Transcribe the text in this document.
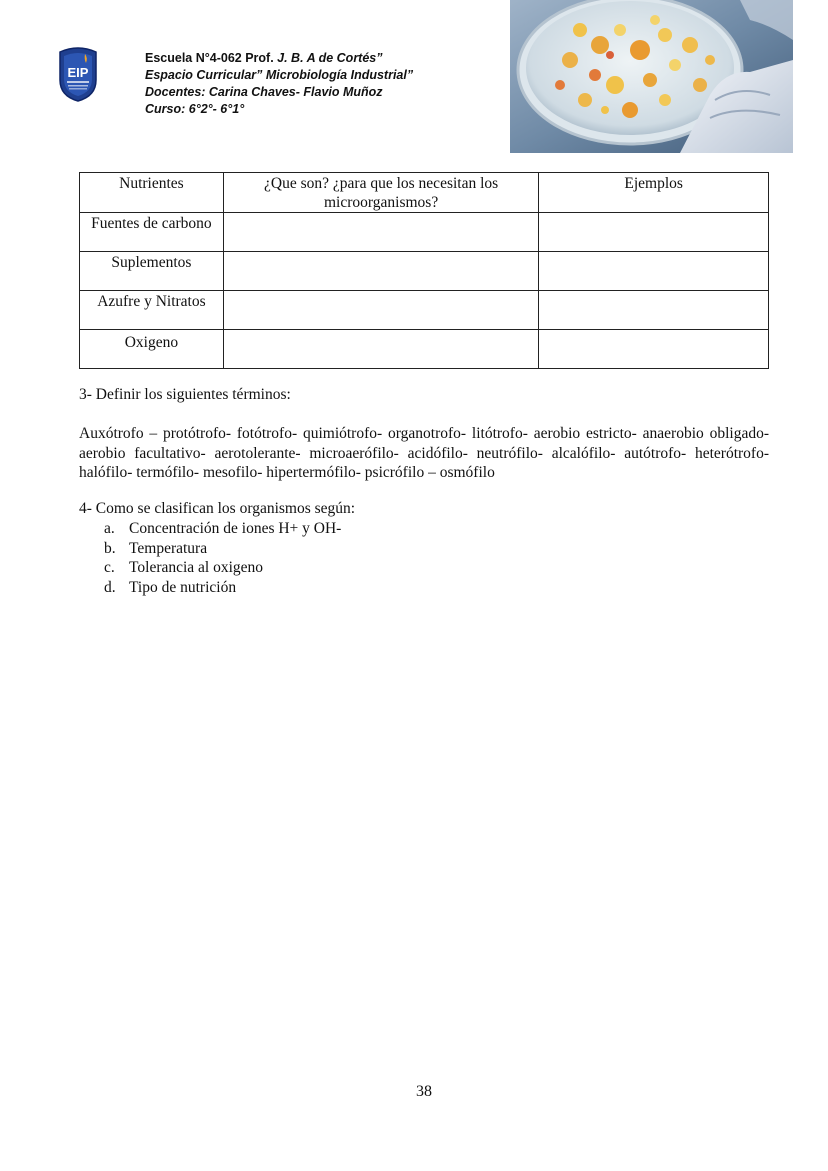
EIP
Escuela N°4-062 Prof. J. B. A de Cortés”
Espacio Curricular” Microbiología Industrial”
Docentes: Carina Chaves- Flavio Muñoz
Curso: 6°2°- 6°1°
Nutrientes	¿Que son? ¿para que los necesitan los microorganismos?	Ejemplos
Fuentes de carbono		
Suplementos		
Azufre y Nitratos		
Oxigeno		
3- Definir los siguientes términos:
Auxótrofo – protótrofo- fotótrofo- quimiótrofo- organotrofo- litótrofo- aerobio estricto- anaerobio obligado- aerobio facultativo- aerotolerante- microaerófilo- acidófilo- neutrófilo- alcalófilo- autótrofo- heterótrofo- halófilo- termófilo- mesofilo- hipertermófilo- psicrófilo – osmófilo
4- Como se clasifican los organismos según:
a. Concentración de iones H+ y OH-
b. Temperatura
c. Tolerancia al oxigeno
d. Tipo de nutrición
38
